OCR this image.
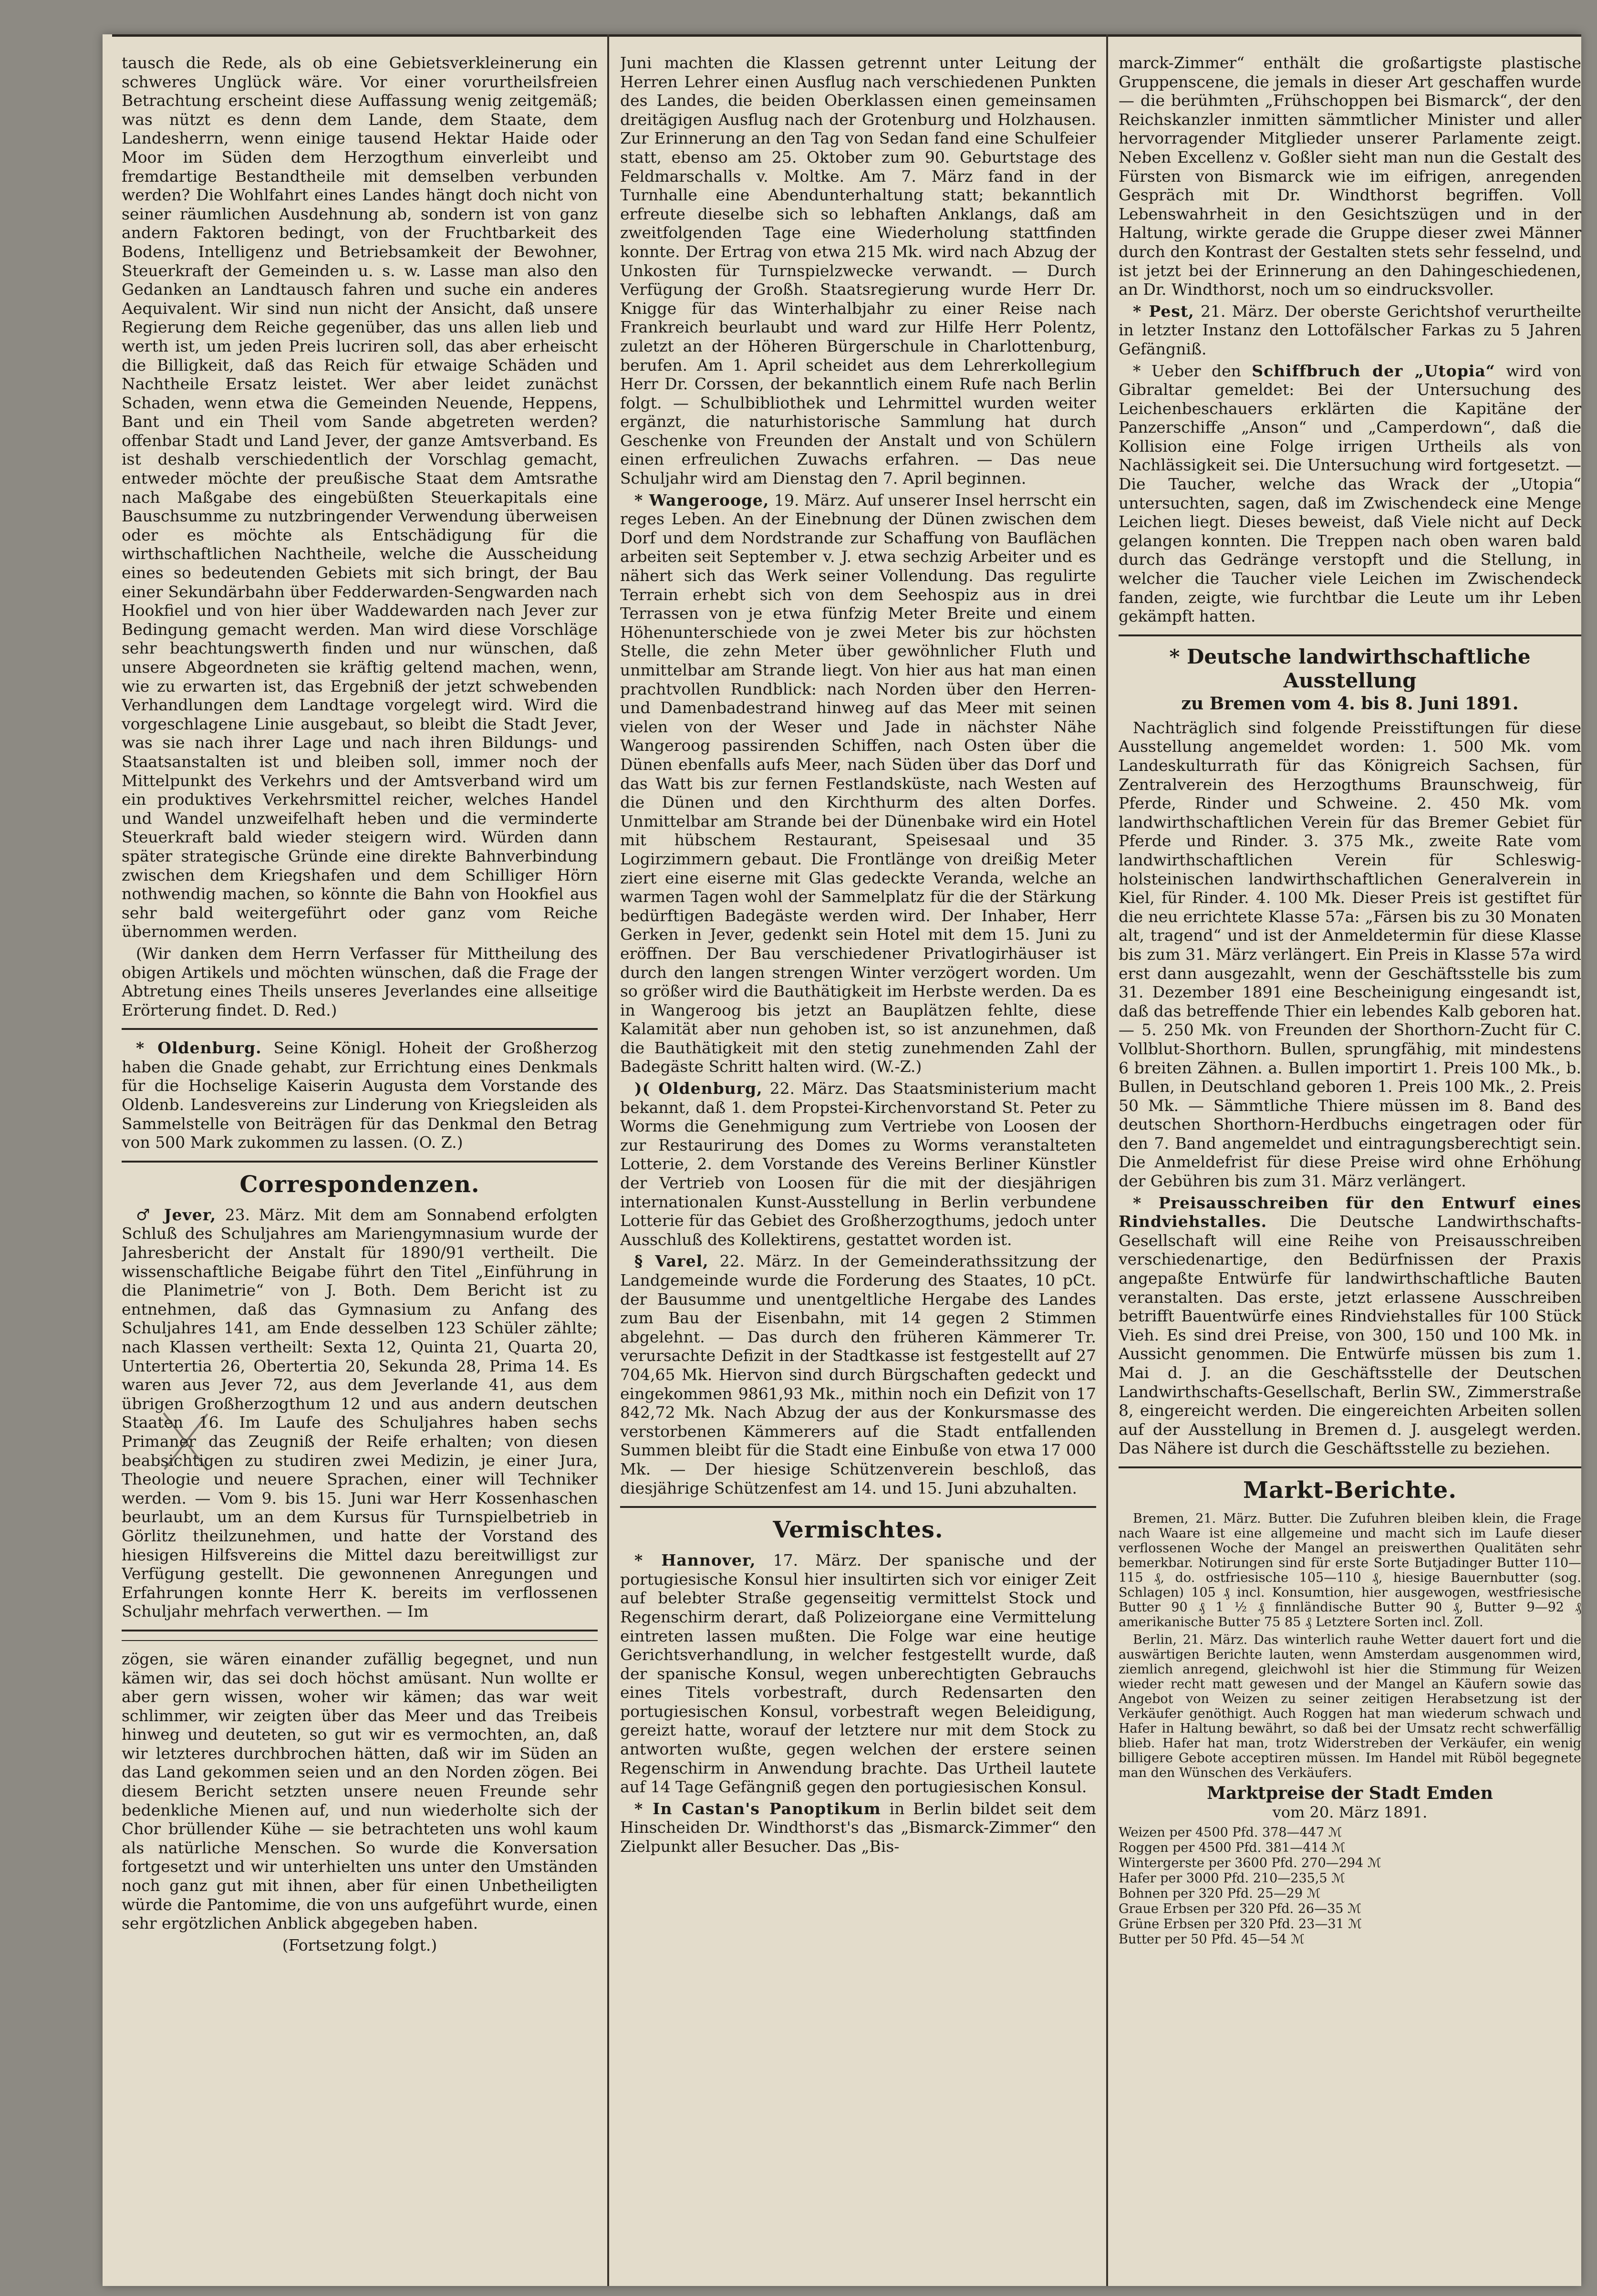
tausch die Rede, als ob eine Gebietsverkleinerung ein schweres Unglück wäre. Vor einer vorurtheilsfreien Betrachtung erscheint diese Auffassung wenig zeitgemäß; was nützt es denn dem Lande, dem Staate, dem Landesherrn, wenn einige tausend Hektar Haide oder Moor im Süden dem Herzogthum einverleibt und fremdartige Bestandtheile mit demselben verbunden werden? Die Wohlfahrt eines Landes hängt doch nicht von seiner räumlichen Ausdehnung ab, sondern ist von ganz andern Faktoren bedingt, von der Fruchtbarkeit des Bodens, Intelligenz und Betriebsamkeit der Bewohner, Steuerkraft der Gemeinden u. s. w. Lasse man also den Gedanken an Landtausch fahren und suche ein anderes Aequivalent. Wir sind nun nicht der Ansicht, daß unsere Regierung dem Reiche gegenüber, das uns allen lieb und werth ist, um jeden Preis lucriren soll, das aber erheischt die Billigkeit, daß das Reich für etwaige Schäden und Nachtheile Ersatz leistet. Wer aber leidet zunächst Schaden, wenn etwa die Gemeinden Neuende, Heppens, Bant und ein Theil vom Sande abgetreten werden? offenbar Stadt und Land Jever, der ganze Amtsverband. Es ist deshalb verschiedentlich der Vorschlag gemacht, entweder möchte der preußische Staat dem Amtsrathe nach Maßgabe des eingebüßten Steuerkapitals eine Bauschsumme zu nutzbringender Verwendung überweisen oder es möchte als Entschädigung für die wirthschaftlichen Nachtheile, welche die Ausscheidung eines so bedeutenden Gebiets mit sich bringt, der Bau einer Sekundärbahn über Fedderwarden-Sengwarden nach Hookfiel und von hier über Waddewarden nach Jever zur Bedingung gemacht werden. Man wird diese Vorschläge sehr beachtungswerth finden und nur wünschen, daß unsere Abgeordneten sie kräftig geltend machen, wenn, wie zu erwarten ist, das Ergebniß der jetzt schwebenden Verhandlungen dem Landtage vorgelegt wird. Wird die vorgeschlagene Linie ausgebaut, so bleibt die Stadt Jever, was sie nach ihrer Lage und nach ihren Bildungs- und Staatsanstalten ist und bleiben soll, immer noch der Mittelpunkt des Verkehrs und der Amtsverband wird um ein produktives Verkehrsmittel reicher, welches Handel und Wandel unzweifelhaft heben und die verminderte Steuerkraft bald wieder steigern wird. Würden dann später strategische Gründe eine direkte Bahnverbindung zwischen dem Kriegshafen und dem Schilliger Hörn nothwendig machen, so könnte die Bahn von Hookfiel aus sehr bald weitergeführt oder ganz vom Reiche übernommen werden.

(Wir danken dem Herrn Verfasser für Mittheilung des obigen Artikels und möchten wünschen, daß die Frage der Abtretung eines Theils unseres Jeverlandes eine allseitige Erörterung findet. D. Red.)

* Oldenburg. Seine Königl. Hoheit der Großherzog haben die Gnade gehabt, zur Errichtung eines Denkmals für die Hochselige Kaiserin Augusta dem Vorstande des Oldenb. Landesvereins zur Linderung von Kriegsleiden als Sammelstelle von Beiträgen für das Denkmal den Betrag von 500 Mark zukommen zu lassen. (O. Z.)

Correspondenzen.

♂ Jever, 23. März. Mit dem am Sonnabend erfolgten Schluß des Schuljahres am Mariengymnasium wurde der Jahresbericht der Anstalt für 1890/91 vertheilt. Die wissenschaftliche Beigabe führt den Titel „Einführung in die Planimetrie“ von J. Both. Dem Bericht ist zu entnehmen, daß das Gymnasium zu Anfang des Schuljahres 141, am Ende desselben 123 Schüler zählte; nach Klassen vertheilt: Sexta 12, Quinta 21, Quarta 20, Untertertia 26, Obertertia 20, Sekunda 28, Prima 14. Es waren aus Jever 72, aus dem Jeverlande 41, aus dem übrigen Großherzogthum 12 und aus andern deutschen Staaten 16. Im Laufe des Schuljahres haben sechs Primaner das Zeugniß der Reife erhalten; von diesen beabsichtigen zu studiren zwei Medizin, je einer Jura, Theologie und neuere Sprachen, einer will Techniker werden. — Vom 9. bis 15. Juni war Herr Kossenhaschen beurlaubt, um an dem Kursus für Turnspielbetrieb in Görlitz theilzunehmen, und hatte der Vorstand des hiesigen Hilfsvereins die Mittel dazu bereitwilligst zur Verfügung gestellt. Die gewonnenen Anregungen und Erfahrungen konnte Herr K. bereits im verflossenen Schuljahr mehrfach verwerthen. — Im

zögen, sie wären einander zufällig begegnet, und nun kämen wir, das sei doch höchst amüsant. Nun wollte er aber gern wissen, woher wir kämen; das war weit schlimmer, wir zeigten über das Meer und das Treibeis hinweg und deuteten, so gut wir es vermochten, an, daß wir letzteres durchbrochen hätten, daß wir im Süden an das Land gekommen seien und an den Norden zögen. Bei diesem Bericht setzten unsere neuen Freunde sehr bedenkliche Mienen auf, und nun wiederholte sich der Chor brüllender Kühe — sie betrachteten uns wohl kaum als natürliche Menschen. So wurde die Konversation fortgesetzt und wir unterhielten uns unter den Umständen noch ganz gut mit ihnen, aber für einen Unbetheiligten würde die Pantomime, die von uns aufgeführt wurde, einen sehr ergötzlichen Anblick abgegeben haben.

(Fortsetzung folgt.)

Juni machten die Klassen getrennt unter Leitung der Herren Lehrer einen Ausflug nach verschiedenen Punkten des Landes, die beiden Oberklassen einen gemeinsamen dreitägigen Ausflug nach der Grotenburg und Holzhausen. Zur Erinnerung an den Tag von Sedan fand eine Schulfeier statt, ebenso am 25. Oktober zum 90. Geburtstage des Feldmarschalls v. Moltke. Am 7. März fand in der Turnhalle eine Abendunterhaltung statt; bekanntlich erfreute dieselbe sich so lebhaften Anklangs, daß am zweitfolgenden Tage eine Wiederholung stattfinden konnte. Der Ertrag von etwa 215 Mk. wird nach Abzug der Unkosten für Turnspielzwecke verwandt. — Durch Verfügung der Großh. Staatsregierung wurde Herr Dr. Knigge für das Winterhalbjahr zu einer Reise nach Frankreich beurlaubt und ward zur Hilfe Herr Polentz, zuletzt an der Höheren Bürgerschule in Charlottenburg, berufen. Am 1. April scheidet aus dem Lehrerkollegium Herr Dr. Corssen, der bekanntlich einem Rufe nach Berlin folgt. — Schulbibliothek und Lehrmittel wurden weiter ergänzt, die naturhistorische Sammlung hat durch Geschenke von Freunden der Anstalt und von Schülern einen erfreulichen Zuwachs erfahren. — Das neue Schuljahr wird am Dienstag den 7. April beginnen.

* Wangerooge, 19. März. Auf unserer Insel herrscht ein reges Leben. An der Einebnung der Dünen zwischen dem Dorf und dem Nordstrande zur Schaffung von Bauflächen arbeiten seit September v. J. etwa sechzig Arbeiter und es nähert sich das Werk seiner Vollendung. Das regulirte Terrain erhebt sich von dem Seehospiz aus in drei Terrassen von je etwa fünfzig Meter Breite und einem Höhenunterschiede von je zwei Meter bis zur höchsten Stelle, die zehn Meter über gewöhnlicher Fluth und unmittelbar am Strande liegt. Von hier aus hat man einen prachtvollen Rundblick: nach Norden über den Herren- und Damenbadestrand hinweg auf das Meer mit seinen vielen von der Weser und Jade in nächster Nähe Wangeroog passirenden Schiffen, nach Osten über die Dünen ebenfalls aufs Meer, nach Süden über das Dorf und das Watt bis zur fernen Festlandsküste, nach Westen auf die Dünen und den Kirchthurm des alten Dorfes. Unmittelbar am Strande bei der Dünenbake wird ein Hotel mit hübschem Restaurant, Speisesaal und 35 Logirzimmern gebaut. Die Frontlänge von dreißig Meter ziert eine eiserne mit Glas gedeckte Veranda, welche an warmen Tagen wohl der Sammelplatz für die der Stärkung bedürftigen Badegäste werden wird. Der Inhaber, Herr Gerken in Jever, gedenkt sein Hotel mit dem 15. Juni zu eröffnen. Der Bau verschiedener Privatlogirhäuser ist durch den langen strengen Winter verzögert worden. Um so größer wird die Bauthätigkeit im Herbste werden. Da es in Wangeroog bis jetzt an Bauplätzen fehlte, diese Kalamität aber nun gehoben ist, so ist anzunehmen, daß die Bauthätigkeit mit den stetig zunehmenden Zahl der Badegäste Schritt halten wird. (W.-Z.)

)( Oldenburg, 22. März. Das Staatsministerium macht bekannt, daß 1. dem Propstei-Kirchenvorstand St. Peter zu Worms die Genehmigung zum Vertriebe von Loosen der zur Restaurirung des Domes zu Worms veranstalteten Lotterie, 2. dem Vorstande des Vereins Berliner Künstler der Vertrieb von Loosen für die mit der diesjährigen internationalen Kunst-Ausstellung in Berlin verbundene Lotterie für das Gebiet des Großherzogthums, jedoch unter Ausschluß des Kollektirens, gestattet worden ist.

§ Varel, 22. März. In der Gemeinderathssitzung der Landgemeinde wurde die Forderung des Staates, 10 pCt. der Bausumme und unentgeltliche Hergabe des Landes zum Bau der Eisenbahn, mit 14 gegen 2 Stimmen abgelehnt. — Das durch den früheren Kämmerer Tr. verursachte Defizit in der Stadtkasse ist festgestellt auf 27 704,65 Mk. Hiervon sind durch Bürgschaften gedeckt und eingekommen 9861,93 Mk., mithin noch ein Defizit von 17 842,72 Mk. Nach Abzug der aus der Konkursmasse des verstorbenen Kämmerers auf die Stadt entfallenden Summen bleibt für die Stadt eine Einbuße von etwa 17 000 Mk. — Der hiesige Schützenverein beschloß, das diesjährige Schützenfest am 14. und 15. Juni abzuhalten.

Vermischtes.

* Hannover, 17. März. Der spanische und der portugiesische Konsul hier insultirten sich vor einiger Zeit auf belebter Straße gegenseitig vermittelst Stock und Regenschirm derart, daß Polizeiorgane eine Vermittelung eintreten lassen mußten. Die Folge war eine heutige Gerichtsverhandlung, in welcher festgestellt wurde, daß der spanische Konsul, wegen unberechtigten Gebrauchs eines Titels vorbestraft, durch Redensarten den portugiesischen Konsul, vorbestraft wegen Beleidigung, gereizt hatte, worauf der letztere nur mit dem Stock zu antworten wußte, gegen welchen der erstere seinen Regenschirm in Anwendung brachte. Das Urtheil lautete auf 14 Tage Gefängniß gegen den portugiesischen Konsul.

* In Castan's Panoptikum in Berlin bildet seit dem Hinscheiden Dr. Windthorst's das „Bismarck-Zimmer“ den Zielpunkt aller Besucher. Das „Bis-

marck-Zimmer“ enthält die großartigste plastische Gruppenscene, die jemals in dieser Art geschaffen wurde — die berühmten „Frühschoppen bei Bismarck“, der den Reichskanzler inmitten sämmtlicher Minister und aller hervorragender Mitglieder unserer Parlamente zeigt. Neben Excellenz v. Goßler sieht man nun die Gestalt des Fürsten von Bismarck wie im eifrigen, anregenden Gespräch mit Dr. Windthorst begriffen. Voll Lebenswahrheit in den Gesichtszügen und in der Haltung, wirkte gerade die Gruppe dieser zwei Männer durch den Kontrast der Gestalten stets sehr fesselnd, und ist jetzt bei der Erinnerung an den Dahingeschiedenen, an Dr. Windthorst, noch um so eindrucksvoller.

* Pest, 21. März. Der oberste Gerichtshof verurtheilte in letzter Instanz den Lottofälscher Farkas zu 5 Jahren Gefängniß.

* Ueber den Schiffbruch der „Utopia“ wird von Gibraltar gemeldet: Bei der Untersuchung des Leichenbeschauers erklärten die Kapitäne der Panzerschiffe „Anson“ und „Camperdown“, daß die Kollision eine Folge irrigen Urtheils als von Nachlässigkeit sei. Die Untersuchung wird fortgesetzt. — Die Taucher, welche das Wrack der „Utopia“ untersuchten, sagen, daß im Zwischendeck eine Menge Leichen liegt. Dieses beweist, daß Viele nicht auf Deck gelangen konnten. Die Treppen nach oben waren bald durch das Gedränge verstopft und die Stellung, in welcher die Taucher viele Leichen im Zwischendeck fanden, zeigte, wie furchtbar die Leute um ihr Leben gekämpft hatten.

* Deutsche landwirthschaftliche Ausstellung
zu Bremen vom 4. bis 8. Juni 1891.

Nachträglich sind folgende Preisstiftungen für diese Ausstellung angemeldet worden: 1. 500 Mk. vom Landeskulturrath für das Königreich Sachsen, für Zentralverein des Herzogthums Braunschweig, für Pferde, Rinder und Schweine. 2. 450 Mk. vom landwirthschaftlichen Verein für das Bremer Gebiet für Pferde und Rinder. 3. 375 Mk., zweite Rate vom landwirthschaftlichen Verein für Schleswig-holsteinischen landwirthschaftlichen Generalverein in Kiel, für Rinder. 4. 100 Mk. Dieser Preis ist gestiftet für die neu errichtete Klasse 57a: „Färsen bis zu 30 Monaten alt, tragend“ und ist der Anmeldetermin für diese Klasse bis zum 31. März verlängert. Ein Preis in Klasse 57a wird erst dann ausgezahlt, wenn der Geschäftsstelle bis zum 31. Dezember 1891 eine Bescheinigung eingesandt ist, daß das betreffende Thier ein lebendes Kalb geboren hat. — 5. 250 Mk. von Freunden der Shorthorn-Zucht für C. Vollblut-Shorthorn. Bullen, sprungfähig, mit mindestens 6 breiten Zähnen. a. Bullen importirt 1. Preis 100 Mk., b. Bullen, in Deutschland geboren 1. Preis 100 Mk., 2. Preis 50 Mk. — Sämmtliche Thiere müssen im 8. Band des deutschen Shorthorn-Herdbuchs eingetragen oder für den 7. Band angemeldet und eintragungsberechtigt sein. Die Anmeldefrist für diese Preise wird ohne Erhöhung der Gebühren bis zum 31. März verlängert.

* Preisausschreiben für den Entwurf eines Rindviehstalles. Die Deutsche Landwirthschafts-Gesellschaft will eine Reihe von Preisausschreiben verschiedenartige, den Bedürfnissen der Praxis angepaßte Entwürfe für landwirthschaftliche Bauten veranstalten. Das erste, jetzt erlassene Ausschreiben betrifft Bauentwürfe eines Rindviehstalles für 100 Stück Vieh. Es sind drei Preise, von 300, 150 und 100 Mk. in Aussicht genommen. Die Entwürfe müssen bis zum 1. Mai d. J. an die Geschäftsstelle der Deutschen Landwirthschafts-Gesellschaft, Berlin SW., Zimmerstraße 8, eingereicht werden. Die eingereichten Arbeiten sollen auf der Ausstellung in Bremen d. J. ausgelegt werden. Das Nähere ist durch die Geschäftsstelle zu beziehen.

Markt-Berichte.

Bremen, 21. März. Butter. Die Zufuhren bleiben klein, die Frage nach Waare ist eine allgemeine und macht sich im Laufe dieser verflossenen Woche der Mangel an preiswerthen Qualitäten sehr bemerkbar. Notirungen sind für erste Sorte Butjadinger Butter 110—115 ₰, do. ostfriesische 105—110 ₰, hiesige Bauernbutter (sog. Schlagen) 105 ₰ incl. Konsumtion, hier ausgewogen, westfriesische Butter 90 ₰ 1 ½ ₰ finnländische Butter 90 ₰, Butter 9—92 ₰ amerikanische Butter 75 85 ₰ Letztere Sorten incl. Zoll.

Berlin, 21. März. Das winterlich rauhe Wetter dauert fort und die auswärtigen Berichte lauten, wenn Amsterdam ausgenommen wird, ziemlich anregend, gleichwohl ist hier die Stimmung für Weizen wieder recht matt gewesen und der Mangel an Käufern sowie das Angebot von Weizen zu seiner zeitigen Herabsetzung ist der Verkäufer genöthigt. Auch Roggen hat man wiederum schwach und Hafer in Haltung bewährt, so daß bei der Umsatz recht schwerfällig blieb. Hafer hat man, trotz Widerstreben der Verkäufer, ein wenig billigere Gebote acceptiren müssen. Im Handel mit Rüböl begegnete man den Wünschen des Verkäufers.

Marktpreise der Stadt Emden
vom 20. März 1891.

Weizen per 4500 Pfd. 378—447 ℳ

Roggen per 4500 Pfd. 381—414 ℳ

Wintergerste per 3600 Pfd. 270—294 ℳ

Hafer per 3000 Pfd. 210—235,5 ℳ

Bohnen per 320 Pfd. 25—29 ℳ

Graue Erbsen per 320 Pfd. 26—35 ℳ

Grüne Erbsen per 320 Pfd. 23—31 ℳ

Butter per 50 Pfd. 45—54 ℳ
